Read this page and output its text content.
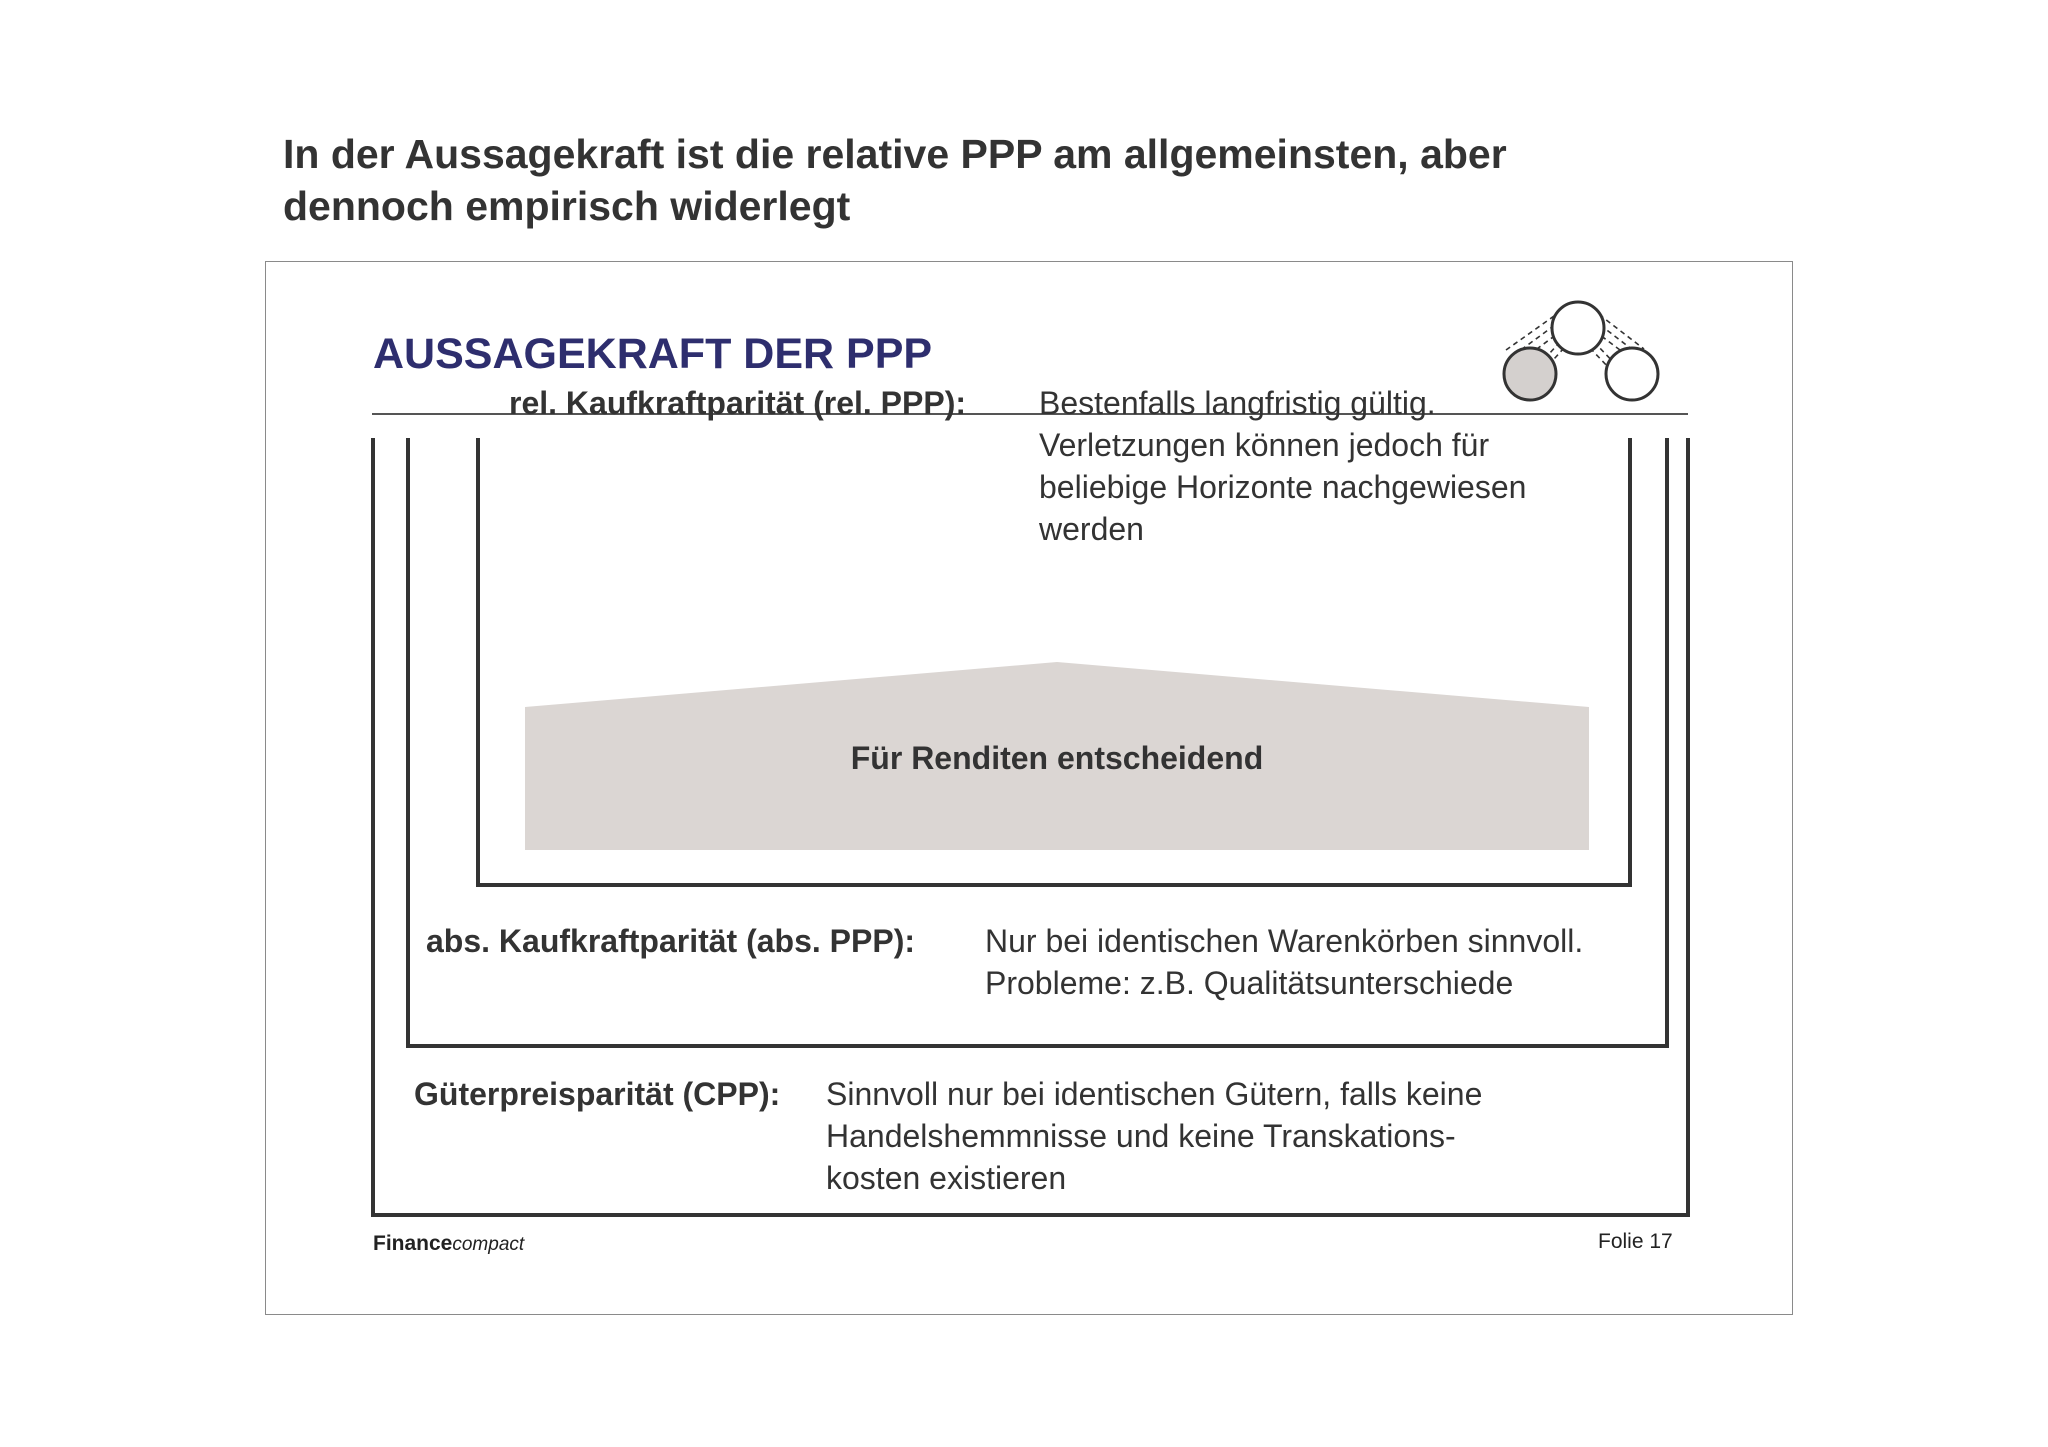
In der Aussagekraft ist die relative PPP am allgemeinsten, aber
dennoch empirisch widerlegt
AUSSAGEKRAFT DER PPP
rel. Kaufkraftparität (rel. PPP): Bestenfalls langfristig gültig.
Verletzungen können jedoch für
beliebige Horizonte nachgewiesen
werden
Für Renditen entscheidend
abs. Kaufkraftparität (abs. PPP): Nur bei identischen Warenkörben sinnvoll.
Probleme: z.B. Qualitätsunterschiede
Güterpreisparität (CPP): Sinnvoll nur bei identischen Gütern, falls keine
Handelshemmnisse und keine Transkations-
kosten existieren
Financecompact	Folie 17
